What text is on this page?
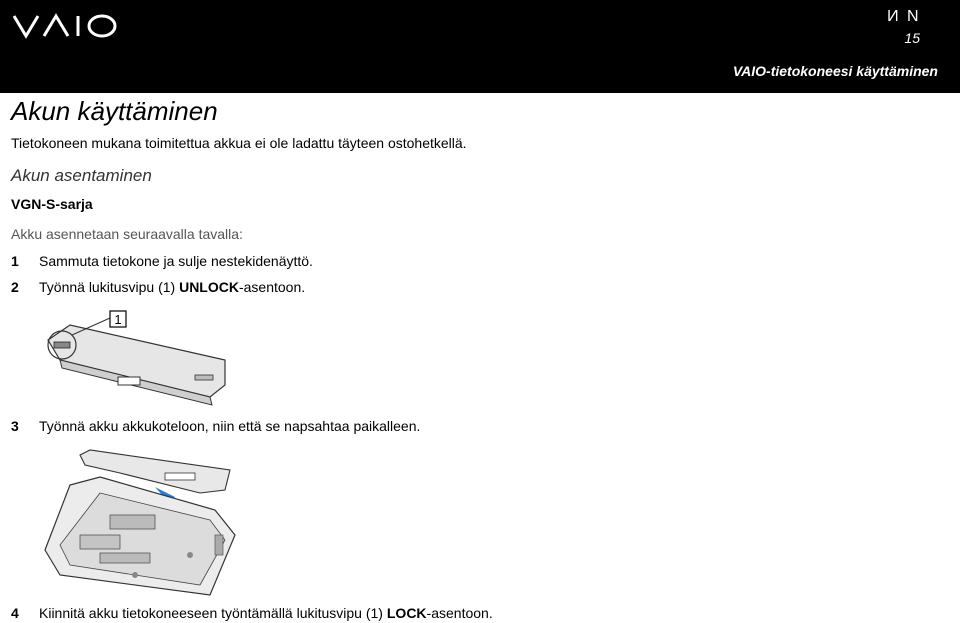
N N
15
VAIO-tietokoneesi käyttäminen
Akun käyttäminen
Tietokoneen mukana toimitettua akkua ei ole ladattu täyteen ostohetkellä.
Akun asentaminen
VGN-S-sarja
Akku asennetaan seuraavalla tavalla:
1 Sammuta tietokone ja sulje nestekidenäyttö.
2 Työnnä lukitusvipu (1) UNLOCK-asentoon.
1
3 Työnnä akku akkukoteloon, niin että se napsahtaa paikalleen.
4 Kiinnitä akku tietokoneeseen työntämällä lukitusvipu (1) LOCK-asentoon.
